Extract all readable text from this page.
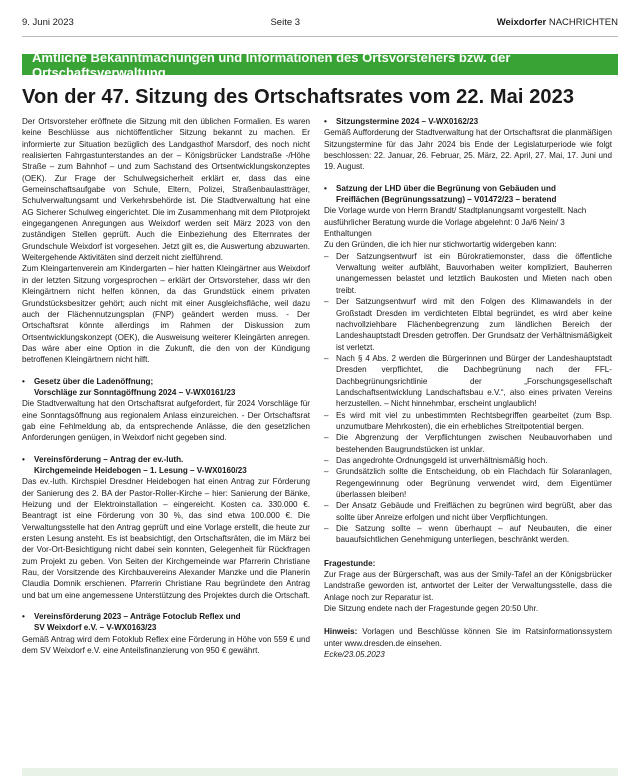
9. Juni 2023	Seite 3	Weixdorfer NACHRICHTEN
Amtliche Bekanntmachungen und Informationen des Ortsvorstehers bzw. der Ortschaftsverwaltung
Von der 47. Sitzung des Ortschaftsrates vom 22. Mai 2023

Der Ortsvorsteher eröffnete die Sitzung mit den üblichen Formalien. Es waren keine Beschlüsse aus nichtöffentlicher Sitzung bekannt zu machen. Er informierte zur Situation bezüglich des Landgasthof Marsdorf, des noch nicht realisierten Fahrgastunterstandes an der – Königsbrücker Landstraße -/Höhe Straße – zum Bahnhof – und zum Sachstand des Ortsentwicklungskonzeptes (OEK). Zur Frage der Schulwegsicherheit erklärt er, dass das eine Gemeinschaftsaufgabe von Schule, Eltern, Polizei, Straßenbaulastträger, Schulverwaltungsamt und Verkehrsbehörde ist. Die Stadtverwaltung hat eine AG Sicherer Schulweg eingerichtet. Die im Zusammenhang mit dem Pilotprojekt eingegangenen Anregungen aus Weixdorf werden seit März 2023 von den zuständigen Stellen geprüft. Auch die Einbeziehung des Elternrates der Grundschule Weixdorf ist vorgesehen. Jetzt gilt es, die Auswertung abzuwarten. Weitergehende Aktivitäten sind derzeit nicht zielführend.

Zum Kleingartenverein am Kindergarten – hier hatten Kleingärtner aus Weixdorf in der letzten Sitzung vorgesprochen – erklärt der Ortsvorsteher, dass wir den Kleingärtnern nicht helfen können, da das Grundstück einem privaten Grundstücksbesitzer gehört; auch nicht mit einer Ausgleichsfläche, weil dazu auch der Flächennutzungsplan (FNP) geändert werden muss. - Der Ortschaftsrat könnte allerdings im Rahmen der Diskussion zum Ortsentwicklungskonzept (OEK), die Ausweisung weiterer Kleingärten anregen. Das wäre aber eine Option in die Zukunft, die den von der Kündigung betroffenen Kleingärtnern nicht hilft.

•	Gesetz über die Ladenöffnung;
Vorschläge zur Sonntagöffnung 2024 – V-WX0161/23

Die Stadtverwaltung hat den Ortschaftsrat aufgefordert, für 2024 Vorschläge für eine Sonntagsöffnung aus regionalem Anlass einzureichen. - Der Ortschaftsrat gab eine Fehlmeldung ab, da entsprechende Anlässe, die den gesetzlichen Anforderungen genügen, in Weixdorf nicht gegeben sind.

•	Vereinsförderung – Antrag der ev.-luth.
Kirchgemeinde Heidebogen – 1. Lesung – V-WX0160/23

Das ev.-luth. Kirchspiel Dresdner Heidebogen hat einen Antrag zur Förderung der Sanierung des 2. BA der Pastor-Roller-Kirche – hier: Sanierung der Bänke, Heizung und der Elektroinstallation – eingereicht. Kosten ca. 330.000 €. Beantragt ist eine Förderung von 30 %, das sind etwa 100.000 €. Die Verwaltungsstelle hat den Antrag geprüft und eine Vorlage erstellt, die heute zur ersten Lesung ansteht. Es ist beabsichtigt, den Ortschaftsräten, die im März bei der Vor-Ort-Besichtigung nicht dabei sein konnten, Gelegenheit für Rückfragen zum Projekt zu geben. Von Seiten der Kirchgemeinde war Pfarrerin Christiane Rau, der Vorsitzende des Kirchbauvereins Alexander Manzke und die Planerin Claudia Domnik erschienen. Pfarrerin Christiane Rau begründete den Antrag und bat um eine angemessene Unterstützung des Projektes durch die Ortschaft.

•	Vereinsförderung 2023 – Anträge Fotoclub Reflex und
SV Weixdorf e.V. – V-WX0163/23

Gemäß Antrag wird dem Fotoklub Reflex eine Förderung in Höhe von 559 € und dem SV Weixdorf e.V. eine Anteilsfinanzierung von 950 € gewährt.

•	Sitzungstermine 2024 – V-WX0162/23

Gemäß Aufforderung der Stadtverwaltung hat der Ortschaftsrat die planmäßigen Sitzungstermine für das Jahr 2024 bis Ende der Legislaturperiode wie folgt beschlossen: 22. Januar, 26. Februar, 25. März, 22. April, 27. Mai, 17. Juni und 19. August.

•	Satzung der LHD über die Begrünung von Gebäuden und
Freiflächen (Begrünungssatzung) – V01472/23 – beratend

Die Vorlage wurde von Herrn Brandt/ Stadtplanungsamt vorgestellt. Nach ausführlicher Beratung wurde die Vorlage abgelehnt: 0 Ja/6 Nein/ 3 Enthaltungen

Zu den Gründen, die ich hier nur stichwortartig widergeben kann:

– Der Satzungsentwurf ist ein Bürokratiemonster, dass die öffentliche Verwaltung weiter aufbläht, Bauvorhaben weiter kompliziert, Bauherren unangemessen belastet und letztlich Baukosten und Mieten nach oben treibt.
– Der Satzungsentwurf wird mit den Folgen des Klimawandels in der Großstadt Dresden im verdichteten Elbtal begründet, es wird aber keine nachvollziehbare Flächenbegrenzung zum ländlichen Bereich der Landeshauptstadt Dresden getroffen. Der Grundsatz der Verhältnismäßigkeit ist verletzt.
– Nach § 4 Abs. 2 werden die Bürgerinnen und Bürger der Landeshauptstadt Dresden verpflichtet, die Dachbegrünung nach der FFL-Dachbegrünungsrichtlinie der „Forschungsgesellschaft Landschaftsentwicklung Landschaftsbau e.V.“, also eines privaten Vereins herzustellen. – Nicht hinnehmbar, erscheint unglaublich!
– Es wird mit viel zu unbestimmten Rechtsbegriffen gearbeitet (zum Bsp. unzumutbare Mehrkosten), die ein erhebliches Streitpotential bergen.
– Die Abgrenzung der Verpflichtungen zwischen Neubauvorhaben und bestehenden Baugrundstücken ist unklar.
– Das angedrohte Ordnungsgeld ist unverhältnismäßig hoch.
– Grundsätzlich sollte die Entscheidung, ob ein Flachdach für Solaranlagen, Regengewinnung oder Begrünung verwendet wird, dem Eigentümer überlassen bleiben!
– Der Ansatz Gebäude und Freiflächen zu begrünen wird begrüßt, aber das sollte über Anreize erfolgen und nicht über Verpflichtungen.
– Die Satzung sollte – wenn überhaupt – auf Neubauten, die einer bauaufsichtlichen Genehmigung unterliegen, beschränkt werden.

Fragestunde:

Zur Frage aus der Bürgerschaft, was aus der Smily-Tafel an der Königsbrücker Landstraße geworden ist, antwortet der Leiter der Verwaltungsstelle, dass die Anlage noch zur Reparatur ist.

Die Sitzung endete nach der Fragestunde gegen 20:50 Uhr.

Hinweis: Vorlagen und Beschlüsse können Sie im Ratsinformationssystem unter www.dresden.de einsehen.

Ecke/23.05.2023
